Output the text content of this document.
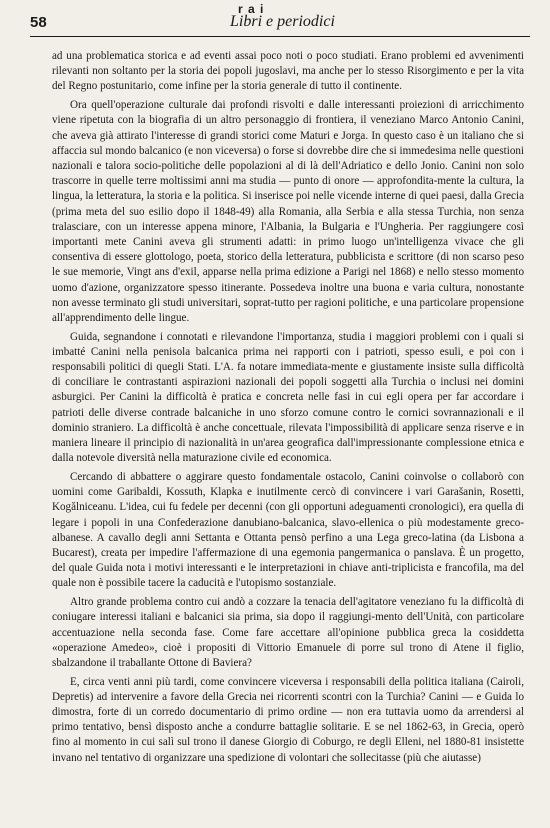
58
r a i
Libri e periodici

ad una problematica storica e ad eventi assai poco noti o poco studiati. Erano problemi ed avvenimenti rilevanti non soltanto per la storia dei popoli jugoslavi, ma anche per lo stesso Risorgimento e per la vita del Regno postunitario, come infine per la storia generale di tutto il continente.

Ora quell'operazione culturale dai profondi risvolti e dalle interessanti proiezioni di arricchimento viene ripetuta con la biografia di un altro personaggio di frontiera, il veneziano Marco Antonio Canini, che aveva già attirato l'interesse di grandi storici come Maturi e Jorga. In questo caso è un italiano che si affaccia sul mondo balcanico (e non viceversa) o forse si dovrebbe dire che si immedesima nelle questioni nazionali e talora socio-politiche delle popolazioni al di là dell'Adriatico e dello Jonio. Canini non solo trascorre in quelle terre moltissimi anni ma studia — punto di onore — approfondita-mente la cultura, la lingua, la letteratura, la storia e la politica. Si inserisce poi nelle vicende interne di quei paesi, dalla Grecia (prima meta del suo esilio dopo il 1848-49) alla Romania, alla Serbia e alla stessa Turchia, non senza tralasciare, con un interesse appena minore, l'Albania, la Bulgaria e l'Ungheria. Per raggiungere così importanti mete Canini aveva gli strumenti adatti: in primo luogo un'intelligenza vivace che gli consentiva di essere glottologo, poeta, storico della letteratura, pubblicista e scrittore (di non scarso peso le sue memorie, Vingt ans d'exil, apparse nella prima edizione a Parigi nel 1868) e nello stesso momento uomo d'azione, organizzatore spesso itinerante. Possedeva inoltre una buona e varia cultura, nonostante non avesse terminato gli studi universitari, soprat-tutto per ragioni politiche, e una particolare propensione all'apprendimento delle lingue.

Guida, segnandone i connotati e rilevandone l'importanza, studia i maggiori problemi con i quali si imbatté Canini nella penisola balcanica prima nei rapporti con i patrioti, spesso esuli, e poi con i responsabili politici di quegli Stati. L'A. fa notare immediata-mente e giustamente insiste sulla difficoltà di conciliare le contrastanti aspirazioni nazionali dei popoli soggetti alla Turchia o inclusi nei domini asburgici. Per Canini la difficoltà è pratica e concreta nelle fasi in cui egli opera per far accordare i patrioti delle diverse contrade balcaniche in uno sforzo comune contro le cornici sovrannazionali e il dominio straniero. La difficoltà è anche concettuale, rilevata l'impossibilità di applicare senza riserve e in maniera lineare il principio di nazionalità in un'area geografica dall'impressionante complessione etnica e dalla notevole diversità nella maturazione civile ed economica.

Cercando di abbattere o aggirare questo fondamentale ostacolo, Canini coinvolse o collaborò con uomini come Garibaldi, Kossuth, Klapka e inutilmente cercò di convincere i vari Garašanin, Rosetti, Kogălniceanu. L'idea, cui fu fedele per decenni (con gli opportuni adeguamenti cronologici), era quella di legare i popoli in una Confederazione danubiano-balcanica, slavo-ellenica o più modestamente greco-albanese. A cavallo degli anni Settanta e Ottanta pensò perfino a una Lega greco-latina (da Lisbona a Bucarest), creata per impedire l'affermazione di una egemonia pangermanica o panslava. È un progetto, del quale Guida nota i motivi interessanti e le interpretazioni in chiave anti-triplicista e francofila, ma del quale non è possibile tacere la caducità e l'utopismo sostanziale.

Altro grande problema contro cui andò a cozzare la tenacia dell'agitatore veneziano fu la difficoltà di coniugare interessi italiani e balcanici sia prima, sia dopo il raggiungi-mento dell'Unità, con particolare accentuazione nella seconda fase. Come fare accettare all'opinione pubblica greca la cosiddetta «operazione Amedeo», cioè i propositi di Vittorio Emanuele di porre sul trono di Atene il figlio, sbalzandone il traballante Ottone di Baviera?

E, circa venti anni più tardi, come convincere viceversa i responsabili della politica italiana (Cairoli, Depretis) ad intervenire a favore della Grecia nei ricorrenti scontri con la Turchia? Canini — e Guida lo dimostra, forte di un corredo documentario di primo ordine — non era tuttavia uomo da arrendersi al primo tentativo, bensì disposto anche a condurre battaglie solitarie. E se nel 1862-63, in Grecia, operò fino al momento in cui salì sul trono il danese Giorgio di Coburgo, re degli Elleni, nel 1880-81 insistette invano nel tentativo di organizzare una spedizione di volontari che sollecitasse (più che aiutasse)
